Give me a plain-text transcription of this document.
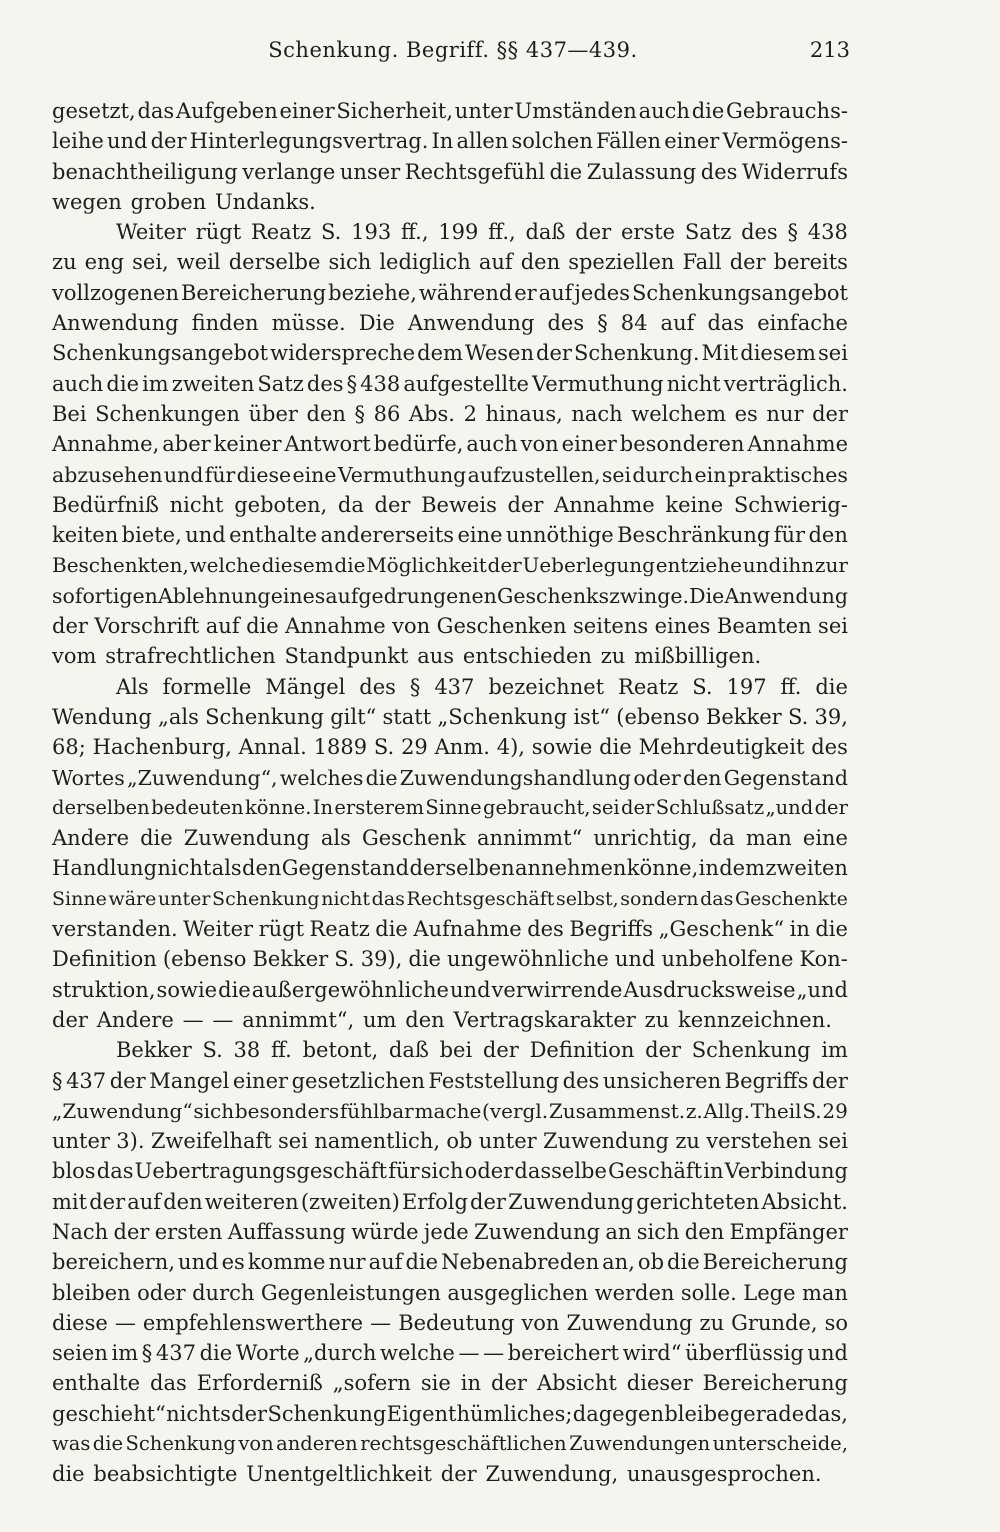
Schenkung. Begriff. §§ 437—439.	213
gesetzt, das Aufgeben einer Sicherheit, unter Umständen auch die Gebrauchs-
leihe und der Hinterlegungsvertrag. In allen solchen Fällen einer Vermögens-
benachtheiligung verlange unser Rechtsgefühl die Zulassung des Widerrufs
wegen groben Undanks.
Weiter rügt Reatz S. 193 ff., 199 ff., daß der erste Satz des § 438
zu eng sei, weil derselbe sich lediglich auf den speziellen Fall der bereits
vollzogenen Bereicherung beziehe, während er auf jedes Schenkungsangebot
Anwendung finden müsse. Die Anwendung des § 84 auf das einfache
Schenkungsangebot widerspreche dem Wesen der Schenkung. Mit diesem sei
auch die im zweiten Satz des § 438 aufgestellte Vermuthung nicht verträglich.
Bei Schenkungen über den § 86 Abs. 2 hinaus, nach welchem es nur der
Annahme, aber keiner Antwort bedürfe, auch von einer besonderen Annahme
abzusehen und für diese eine Vermuthung aufzustellen, sei durch ein praktisches
Bedürfniß nicht geboten, da der Beweis der Annahme keine Schwierig-
keiten biete, und enthalte andererseits eine unnöthige Beschränkung für den
Beschenkten, welche diesem die Möglichkeit der Ueberlegung entziehe und ihn zur
sofortigen Ablehnung eines aufgedrungenen Geschenks zwinge. Die Anwendung
der Vorschrift auf die Annahme von Geschenken seitens eines Beamten sei
vom strafrechtlichen Standpunkt aus entschieden zu mißbilligen.
Als formelle Mängel des § 437 bezeichnet Reatz S. 197 ff. die
Wendung „als Schenkung gilt“ statt „Schenkung ist“ (ebenso Bekker S. 39,
68; Hachenburg, Annal. 1889 S. 29 Anm. 4), sowie die Mehrdeutigkeit des
Wortes „Zuwendung“, welches die Zuwendungshandlung oder den Gegenstand
derselben bedeuten könne. In ersterem Sinne gebraucht, sei der Schlußsatz „und der
Andere die Zuwendung als Geschenk annimmt“ unrichtig, da man eine
Handlung nicht als den Gegenstand derselben annehmen könne, in dem zweiten
Sinne wäre unter Schenkung nicht das Rechtsgeschäft selbst, sondern das Geschenkte
verstanden. Weiter rügt Reatz die Aufnahme des Begriffs „Geschenk“ in die
Definition (ebenso Bekker S. 39), die ungewöhnliche und unbeholfene Kon-
struktion, sowie die außergewöhnliche und verwirrende Ausdrucksweise „und
der Andere — — annimmt“, um den Vertragskarakter zu kennzeichnen.
Bekker S. 38 ff. betont, daß bei der Definition der Schenkung im
§ 437 der Mangel einer gesetzlichen Feststellung des unsicheren Begriffs der
„Zuwendung“ sich besonders fühlbar mache (vergl. Zusammenst. z. Allg. Theil S. 29
unter 3). Zweifelhaft sei namentlich, ob unter Zuwendung zu verstehen sei
blos das Uebertragungsgeschäft für sich oder dasselbe Geschäft in Verbindung
mit der auf den weiteren (zweiten) Erfolg der Zuwendung gerichteten Absicht.
Nach der ersten Auffassung würde jede Zuwendung an sich den Empfänger
bereichern, und es komme nur auf die Nebenabreden an, ob die Bereicherung
bleiben oder durch Gegenleistungen ausgeglichen werden solle. Lege man
diese — empfehlenswerthere — Bedeutung von Zuwendung zu Grunde, so
seien im § 437 die Worte „durch welche — — bereichert wird“ überflüssig und
enthalte das Erforderniß „sofern sie in der Absicht dieser Bereicherung
geschieht“ nichts der Schenkung Eigenthümliches; dagegen bleibe gerade das,
was die Schenkung von anderen rechtsgeschäftlichen Zuwendungen unterscheide,
die beabsichtigte Unentgeltlichkeit der Zuwendung, unausgesprochen.
